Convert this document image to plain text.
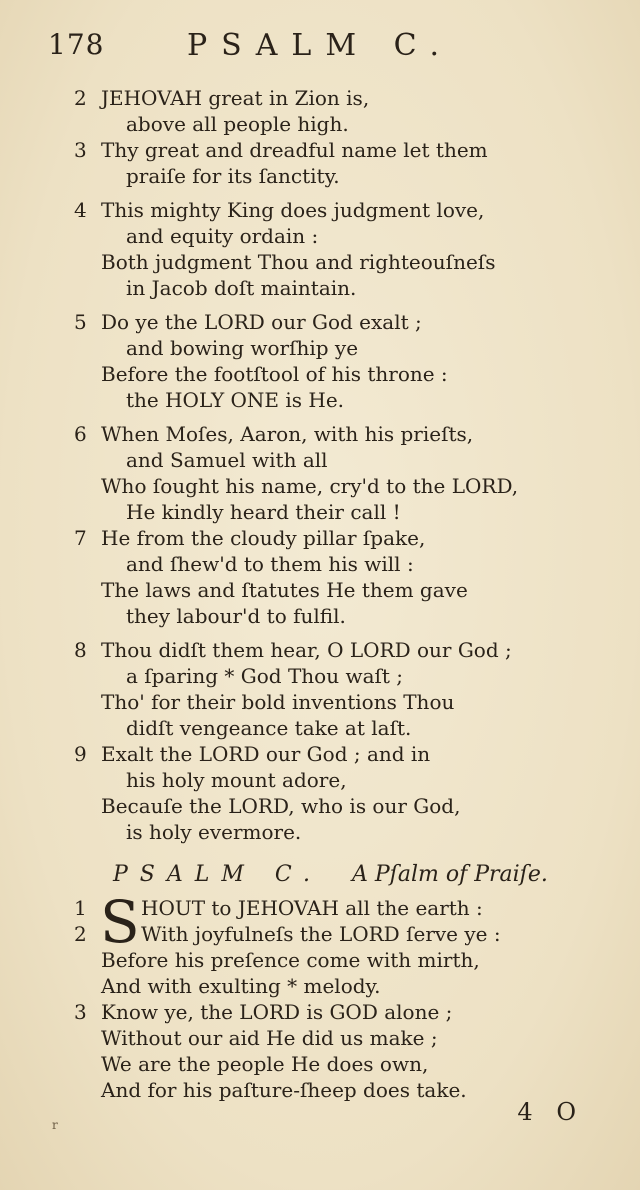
178	PSALM C.
2 JEHOVAH great in Zion is,
above all people high.
3 Thy great and dreadful name let them
praiſe for its ſanctity.
4 This mighty King does judgment love,
and equity ordain :
Both judgment Thou and righteouſneſs
in Jacob doſt maintain.
5 Do ye the LORD our God exalt ;
and bowing worſhip ye
Before the footſtool of his throne :
the HOLY ONE is He.
6 When Moſes, Aaron, with his prieſts,
and Samuel with all
Who ſought his name, cry'd to the LORD,
He kindly heard their call !
7 He from the cloudy pillar ſpake,
and ſhew'd to them his will :
The laws and ſtatutes He them gave
they labour'd to fulfil.
8 Thou didſt them hear, O LORD our God ;
a ſparing * God Thou waſt ;
Tho' for their bold inventions Thou
didſt vengeance take at laſt.
9 Exalt the LORD our God ; and in
his holy mount adore,
Becauſe the LORD, who is our God,
is holy evermore.
PSALM C. A Pſalm of Praiſe.
1 S HOUT to JEHOVAH all the earth :
2	With joyfulneſs the LORD ſerve ye :
Before his preſence come with mirth,
And with exulting * melody.
3 Know ye, the LORD is GOD alone ;
Without our aid He did us make ;
We are the people He does own,
And for his paſture-ſheep does take.
4 O
r
